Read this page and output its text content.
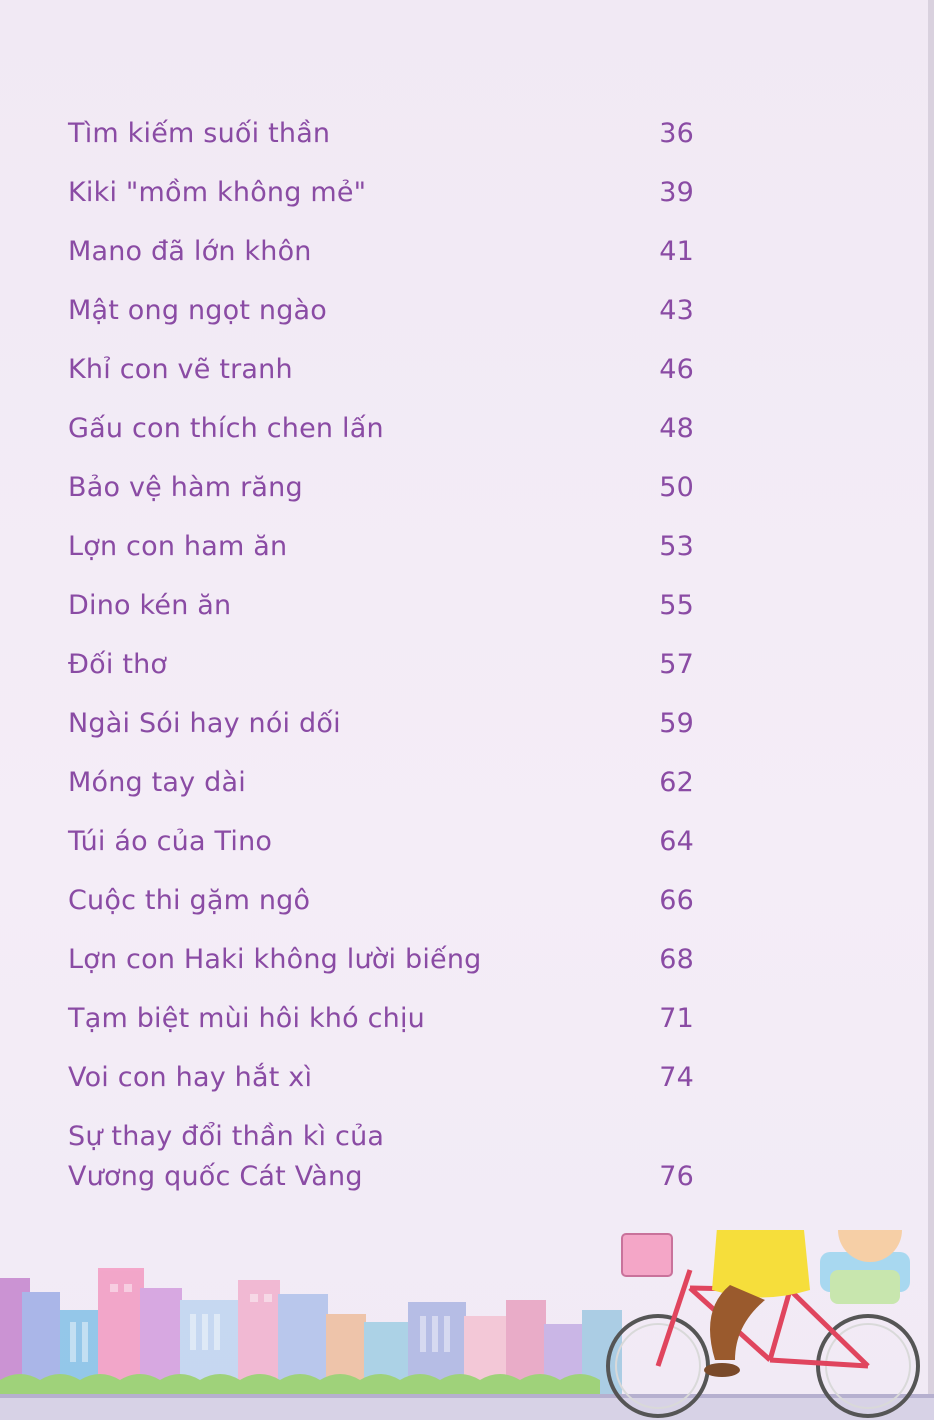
Tìm kiếm suối thần	36
Kiki "mồm không mẻ"	39
Mano đã lớn khôn	41
Mật ong ngọt ngào	43
Khỉ con vẽ tranh	46
Gấu con thích chen lấn	48
Bảo vệ hàm răng	50
Lợn con ham ăn	53
Dino kén ăn	55
Đối thơ	57
Ngài Sói hay nói dối	59
Móng tay dài	62
Túi áo của Tino	64
Cuộc thi gặm ngô	66
Lợn con Haki không lười biếng	68
Tạm biệt mùi hôi khó chịu	71
Voi con hay hắt xì	74
Sự thay đổi thần kì của
Vương quốc Cát Vàng	76
